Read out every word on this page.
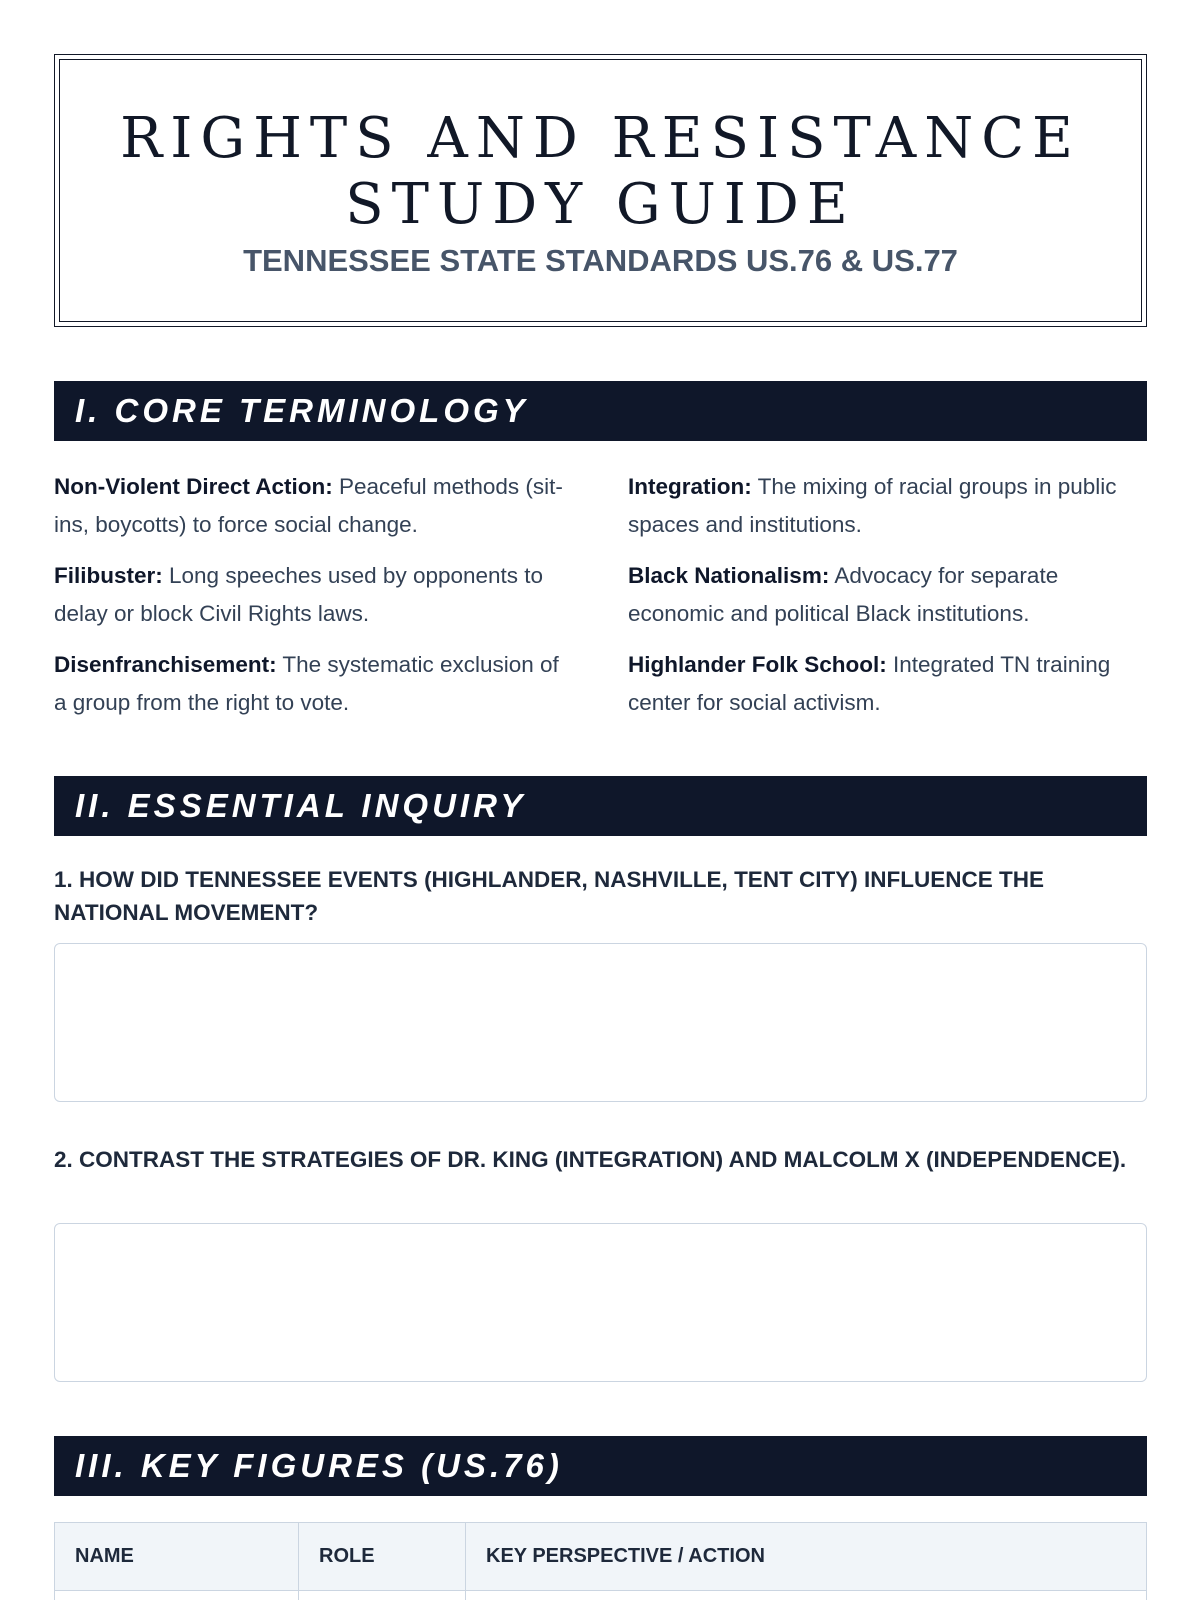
RIGHTS AND RESISTANCE
STUDY GUIDE
TENNESSEE STATE STANDARDS US.76 & US.77
I. CORE TERMINOLOGY
Non-Violent Direct Action: Peaceful methods (sit-ins, boycotts) to force social change.
Integration: The mixing of racial groups in public spaces and institutions.
Filibuster: Long speeches used by opponents to delay or block Civil Rights laws.
Black Nationalism: Advocacy for separate economic and political Black institutions.
Disenfranchisement: The systematic exclusion of a group from the right to vote.
Highlander Folk School: Integrated TN training center for social activism.
II. ESSENTIAL INQUIRY
1. HOW DID TENNESSEE EVENTS (HIGHLANDER, NASHVILLE, TENT CITY) INFLUENCE THE NATIONAL MOVEMENT?
2. CONTRAST THE STRATEGIES OF DR. KING (INTEGRATION) AND MALCOLM X (INDEPENDENCE).
III. KEY FIGURES (US.76)
NAME	ROLE	KEY PERSPECTIVE / ACTION
